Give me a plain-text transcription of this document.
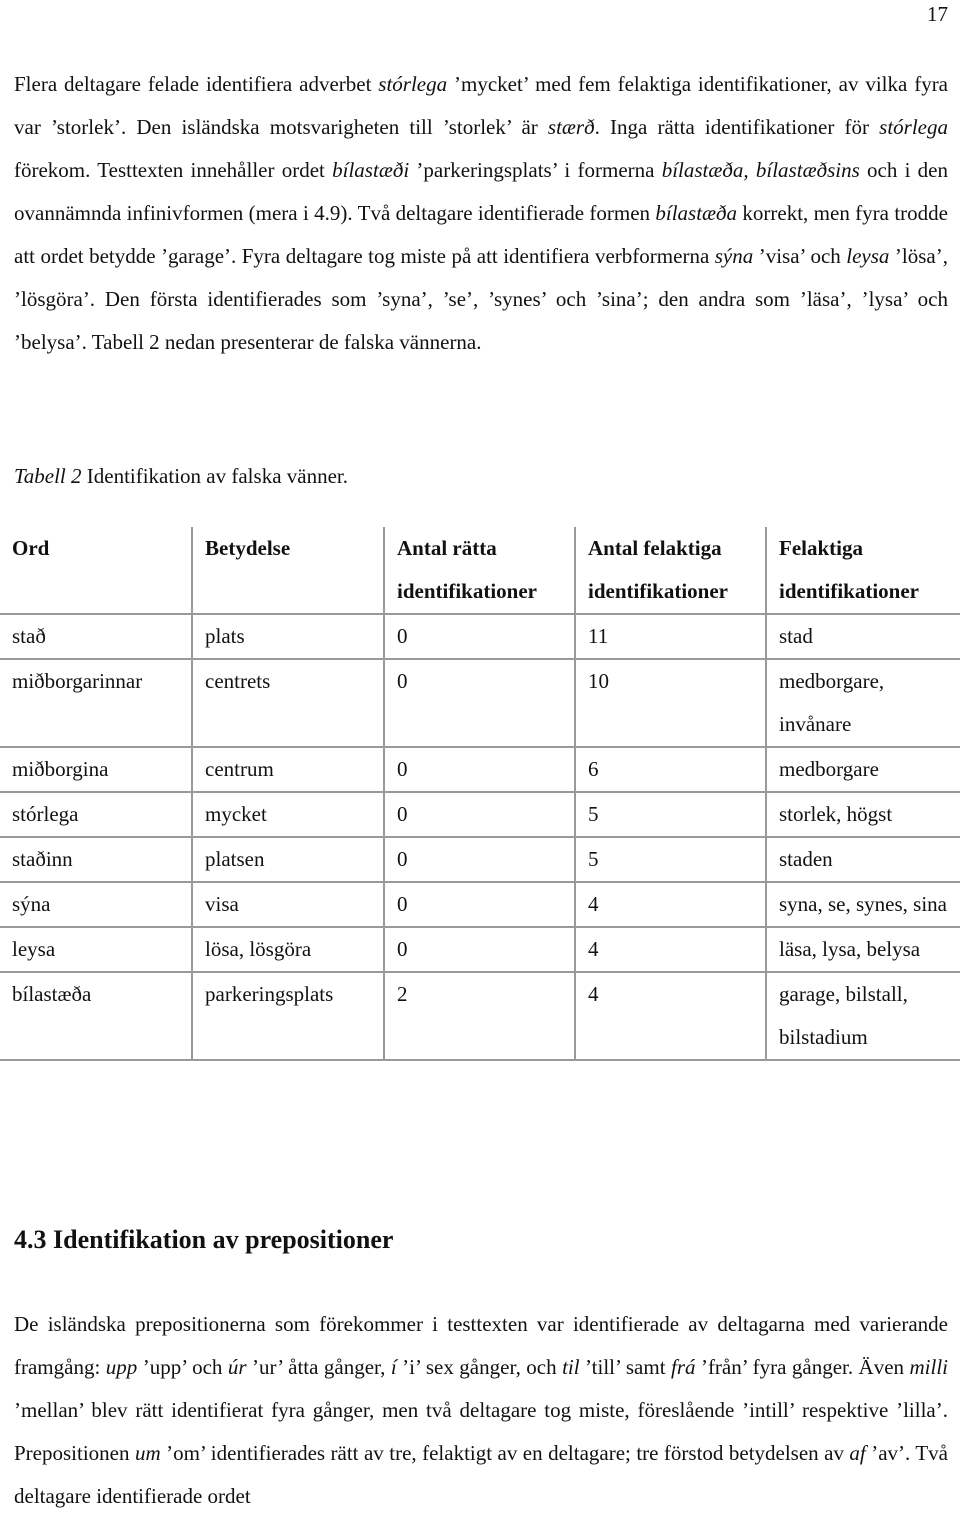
17

Flera deltagare felade identifiera adverbet stórlega ’mycket’ med fem felaktiga identifikationer, av vilka fyra var ’storlek’. Den isländska motsvarigheten till ’storlek’ är stærð. Inga rätta identifikationer för stórlega förekom. Testtexten innehåller ordet bílastæði ’parkeringsplats’ i formerna bílastæða, bílastæðsins och i den ovannämnda infinivformen (mera i 4.9). Två deltagare identifierade formen bílastæða korrekt, men fyra trodde att ordet betydde ’garage’. Fyra deltagare tog miste på att identifiera verbformerna sýna ’visa’ och leysa ’lösa’, ’lösgöra’. Den första identifierades som ’syna’, ’se’, ’synes’ och ’sina’; den andra som ’läsa’, ’lysa’ och ’belysa’. Tabell 2 nedan presenterar de falska vännerna.

Tabell 2 Identifikation av falska vänner.

Ord	Betydelse	Antal rätta identifikationer	Antal felaktiga identifikationer	Felaktiga identifikationer
stað	plats	0	11	stad
miðborgarinnar	centrets	0	10	medborgare, invånare
miðborgina	centrum	0	6	medborgare
stórlega	mycket	0	5	storlek, högst
staðinn	platsen	0	5	staden
sýna	visa	0	4	syna, se, synes, sina
leysa	lösa, lösgöra	0	4	läsa, lysa, belysa
bílastæða	parkeringsplats	2	4	garage, bilstall, bilstadium
4.3 Identifikation av prepositioner

De isländska prepositionerna som förekommer i testtexten var identifierade av deltagarna med varierande framgång: upp ’upp’ och úr ’ur’ åtta gånger, í ’i’ sex gånger, och til ’till’ samt frá ’från’ fyra gånger. Även milli ’mellan’ blev rätt identifierat fyra gånger, men två deltagare tog miste, föreslående ’intill’ respektive ’lilla’. Prepositionen um ’om’ identifierades rätt av tre, felaktigt av en deltagare; tre förstod betydelsen av af ’av’. Två deltagare identifierade ordet
